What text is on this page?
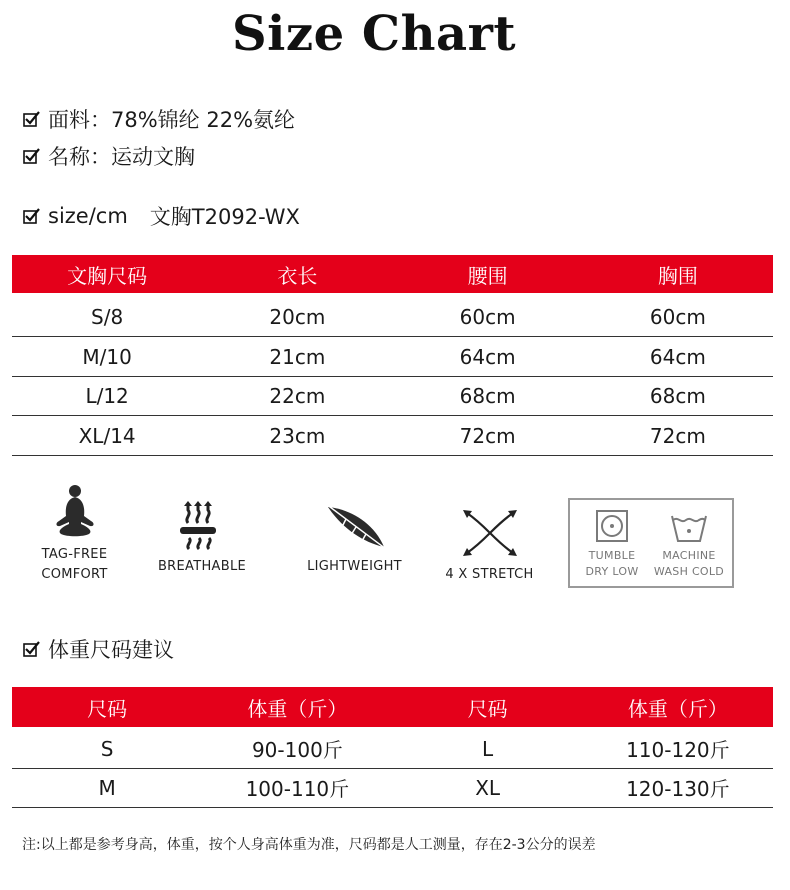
Size Chart
面料：78%锦纶 22%氨纶
名称：运动文胸
size/cm 文胸T2092-WX
文胸尺码	衣长	腰围	胸围
S/8	20cm	60cm	60cm
M/10	21cm	64cm	64cm
L/12	22cm	68cm	68cm
XL/14	23cm	72cm	72cm
TAG-FREE
COMFORT
BREATHABLE	LIGHTWEIGHT
4 X STRETCH
TUMBLE
DRY LOW
MACHINE
WASH COLD
体重尺码建议
尺码	体重（斤）	尺码	体重（斤）
S	90-100斤	L	110-120斤
M	100-110斤	XL	120-130斤
注:以上都是参考身高，体重，按个人身高体重为准，尺码都是人工测量，存在2-3公分的误差
